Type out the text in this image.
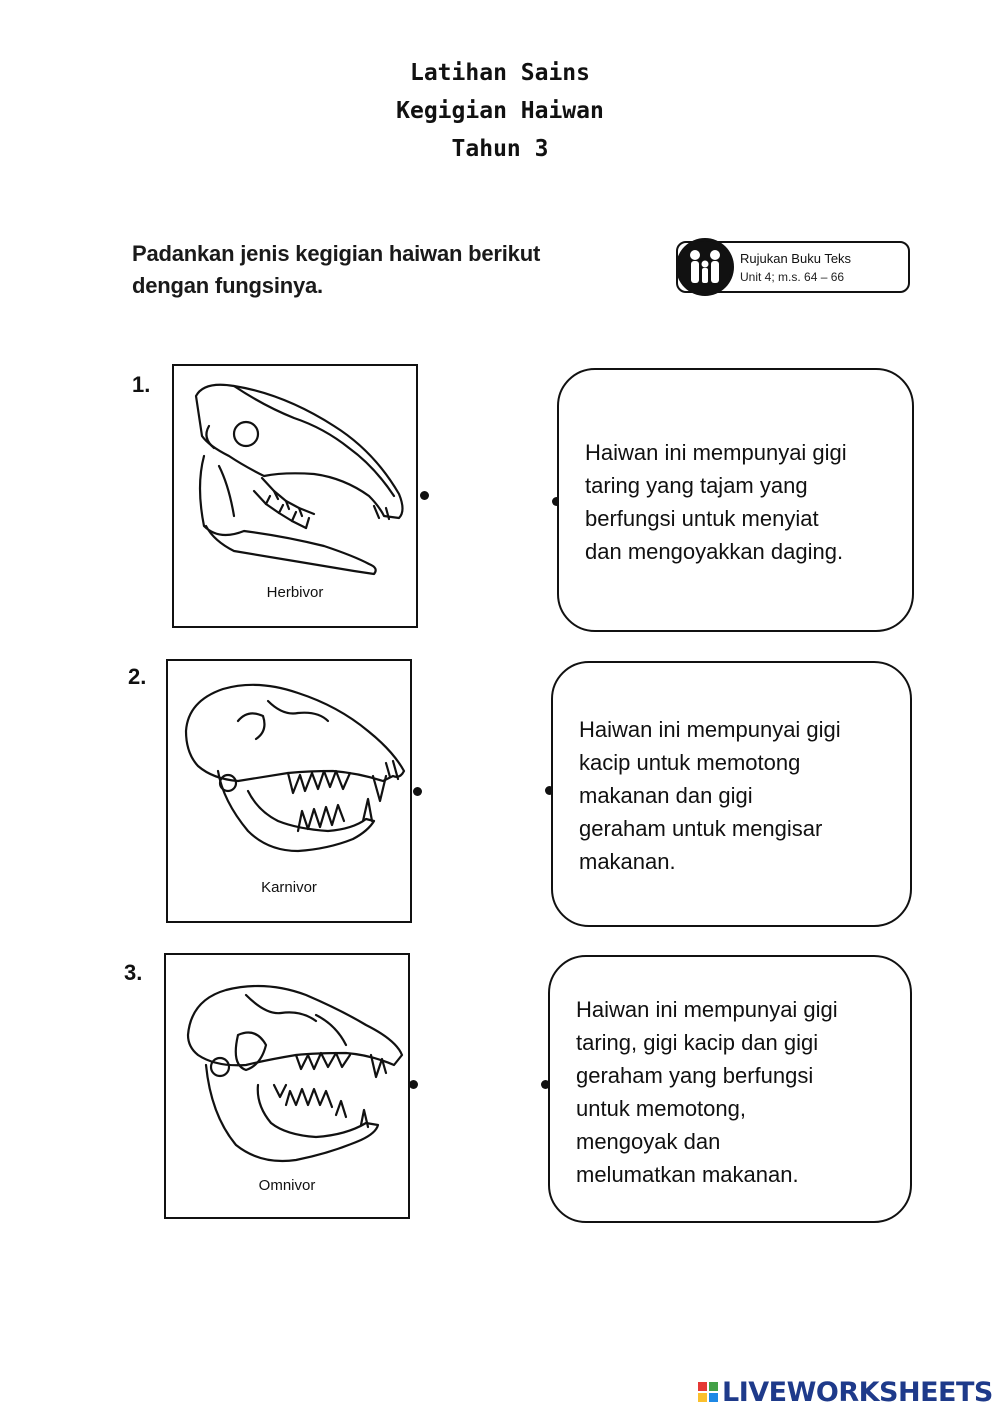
Latihan Sains
Kegigian Haiwan
Tahun 3
Padankan jenis kegigian haiwan berikut dengan fungsinya.
Rujukan Buku Teks
Unit 4; m.s. 64 – 66
1.
Herbivor
Haiwan ini mempunyai gigi
taring yang tajam yang
berfungsi untuk menyiat
dan mengoyakkan daging.
2.
Karnivor
Haiwan ini mempunyai gigi
kacip untuk memotong
makanan dan gigi
geraham untuk mengisar
makanan.
3.
Omnivor
Haiwan ini mempunyai gigi
taring, gigi kacip dan gigi
geraham yang berfungsi
untuk memotong,
mengoyak dan
melumatkan makanan.
LIVEWORKSHEETS
